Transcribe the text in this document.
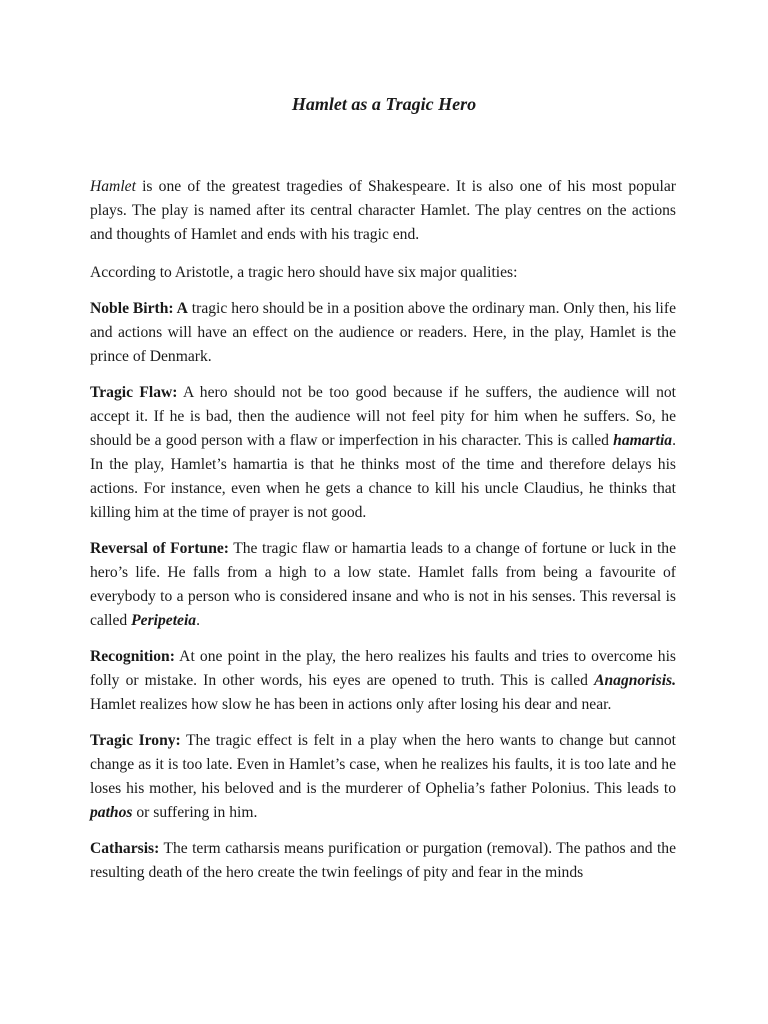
Hamlet as a Tragic Hero

Hamlet is one of the greatest tragedies of Shakespeare. It is also one of his most popular plays. The play is named after its central character Hamlet. The play centres on the actions and thoughts of Hamlet and ends with his tragic end.

According to Aristotle, a tragic hero should have six major qualities:

Noble Birth: A tragic hero should be in a position above the ordinary man. Only then, his life and actions will have an effect on the audience or readers. Here, in the play, Hamlet is the prince of Denmark.

Tragic Flaw: A hero should not be too good because if he suffers, the audience will not accept it. If he is bad, then the audience will not feel pity for him when he suffers. So, he should be a good person with a flaw or imperfection in his character. This is called hamartia. In the play, Hamlet’s hamartia is that he thinks most of the time and therefore delays his actions. For instance, even when he gets a chance to kill his uncle Claudius, he thinks that killing him at the time of prayer is not good.

Reversal of Fortune: The tragic flaw or hamartia leads to a change of fortune or luck in the hero’s life. He falls from a high to a low state. Hamlet falls from being a favourite of everybody to a person who is considered insane and who is not in his senses. This reversal is called Peripeteia.

Recognition: At one point in the play, the hero realizes his faults and tries to overcome his folly or mistake. In other words, his eyes are opened to truth. This is called Anagnorisis. Hamlet realizes how slow he has been in actions only after losing his dear and near.

Tragic Irony: The tragic effect is felt in a play when the hero wants to change but cannot change as it is too late. Even in Hamlet’s case, when he realizes his faults, it is too late and he loses his mother, his beloved and is the murderer of Ophelia’s father Polonius. This leads to pathos or suffering in him.

Catharsis: The term catharsis means purification or purgation (removal). The pathos and the resulting death of the hero create the twin feelings of pity and fear in the minds
